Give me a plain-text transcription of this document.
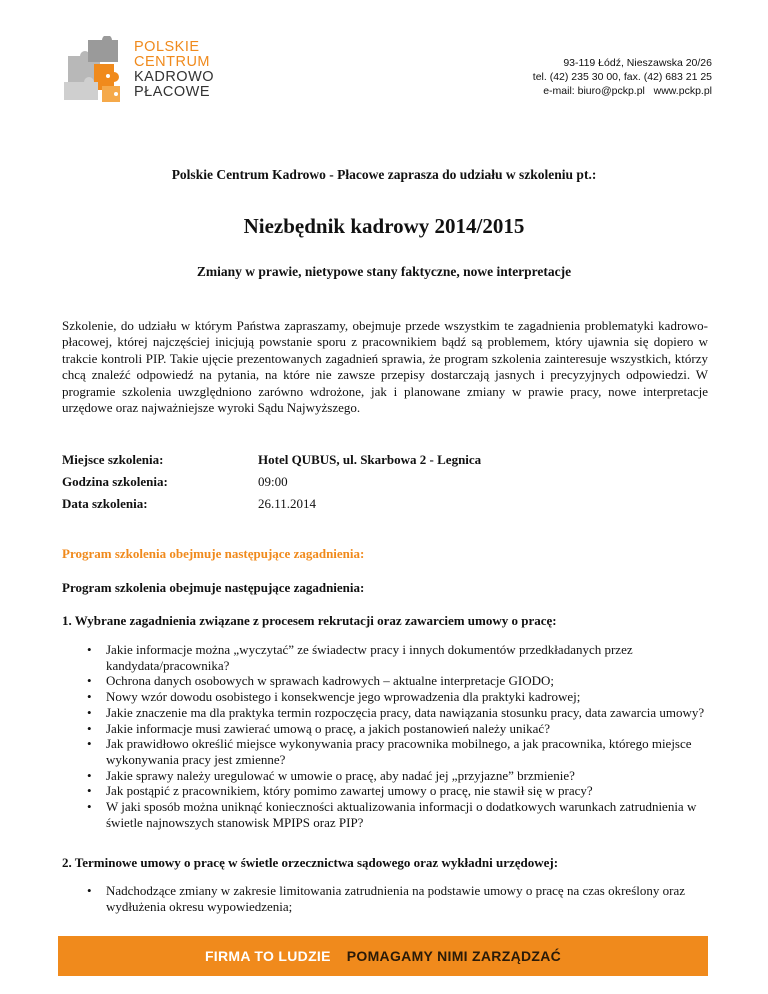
POLSKIE
CENTRUM
KADROWO
PŁACOWE
93-119 Łódź, Nieszawska 20/26
tel. (42) 235 30 00, fax. (42) 683 21 25
e-mail: biuro@pckp.pl   www.pckp.pl
Polskie Centrum Kadrowo - Płacowe zaprasza do udziału w szkoleniu pt.:
Niezbędnik kadrowy 2014/2015
Zmiany w prawie, nietypowe stany faktyczne, nowe interpretacje

Szkolenie, do udziału w którym Państwa zapraszamy, obejmuje przede wszystkim te zagadnienia problematyki kadrowo-płacowej, której najczęściej inicjują powstanie sporu z pracownikiem bądź są problemem, który ujawnia się dopiero w trakcie kontroli PIP. Takie ujęcie prezentowanych zagadnień sprawia, że program szkolenia zainteresuje wszystkich, którzy chcą znaleźć odpowiedź na pytania, na które nie zawsze przepisy dostarczają jasnych i precyzyjnych odpowiedzi. W programie szkolenia uwzględniono zarówno wdrożone, jak i planowane zmiany w prawie pracy, nowe interpretacje urzędowe oraz najważniejsze wyroki Sądu Najwyższego.

Miejsce szkolenia:	Hotel QUBUS, ul. Skarbowa 2 - Legnica
Godzina szkolenia:	09:00
Data szkolenia:	26.11.2014
Program szkolenia obejmuje następujące zagadnienia:
Program szkolenia obejmuje następujące zagadnienia:
1. Wybrane zagadnienia związane z procesem rekrutacji oraz zawarciem umowy o pracę:
• Jakie informacje można „wyczytać” ze świadectw pracy i innych dokumentów przedkładanych przez kandydata/pracownika?
• Ochrona danych osobowych w sprawach kadrowych – aktualne interpretacje GIODO;
• Nowy wzór dowodu osobistego i konsekwencje jego wprowadzenia dla praktyki kadrowej;
• Jakie znaczenie ma dla praktyka termin rozpoczęcia pracy, data nawiązania stosunku pracy, data zawarcia umowy?
• Jakie informacje musi zawierać umową o pracę, a jakich postanowień należy unikać?
• Jak prawidłowo określić miejsce wykonywania pracy pracownika mobilnego, a jak pracownika, którego miejsce wykonywania pracy jest zmienne?
• Jakie sprawy należy uregulować w umowie o pracę, aby nadać jej „przyjazne” brzmienie?
• Jak postąpić z pracownikiem, który pomimo zawartej umowy o pracę, nie stawił się w pracy?
• W jaki sposób można uniknąć konieczności aktualizowania informacji o dodatkowych warunkach zatrudnienia w świetle najnowszych stanowisk MPIPS oraz PIP?
2. Terminowe umowy o pracę w świetle orzecznictwa sądowego oraz wykładni urzędowej:
• Nadchodzące zmiany w zakresie limitowania zatrudnienia na podstawie umowy o pracę na czas określony oraz wydłużenia okresu wypowiedzenia;
FIRMA TO LUDZIE POMAGAMY NIMI ZARZĄDZAĆ
